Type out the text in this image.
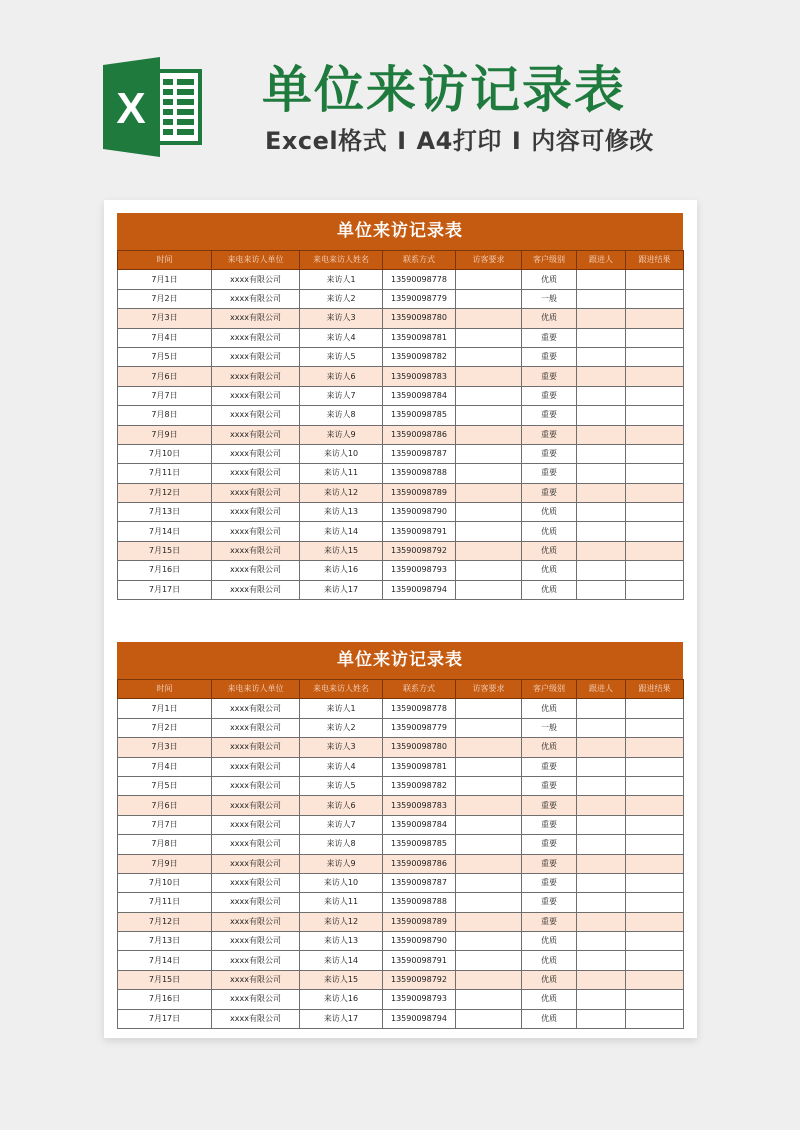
X 单位来访记录表
Excel格式 I A4打印 I 内容可修改
单位来访记录表
时间	来电来访人单位	来电来访人姓名	联系方式	访客要求	客户级别	跟进人	跟进结果
7月1日	xxxx有限公司	来访人1	13590098778		优质		
7月2日	xxxx有限公司	来访人2	13590098779		一般		
7月3日	xxxx有限公司	来访人3	13590098780		优质		
7月4日	xxxx有限公司	来访人4	13590098781		重要		
7月5日	xxxx有限公司	来访人5	13590098782		重要		
7月6日	xxxx有限公司	来访人6	13590098783		重要		
7月7日	xxxx有限公司	来访人7	13590098784		重要		
7月8日	xxxx有限公司	来访人8	13590098785		重要		
7月9日	xxxx有限公司	来访人9	13590098786		重要		
7月10日	xxxx有限公司	来访人10	13590098787		重要		
7月11日	xxxx有限公司	来访人11	13590098788		重要		
7月12日	xxxx有限公司	来访人12	13590098789		重要		
7月13日	xxxx有限公司	来访人13	13590098790		优质		
7月14日	xxxx有限公司	来访人14	13590098791		优质		
7月15日	xxxx有限公司	来访人15	13590098792		优质		
7月16日	xxxx有限公司	来访人16	13590098793		优质		
7月17日	xxxx有限公司	来访人17	13590098794		优质		
单位来访记录表
时间	来电来访人单位	来电来访人姓名	联系方式	访客要求	客户级别	跟进人	跟进结果
7月1日	xxxx有限公司	来访人1	13590098778		优质		
7月2日	xxxx有限公司	来访人2	13590098779		一般		
7月3日	xxxx有限公司	来访人3	13590098780		优质		
7月4日	xxxx有限公司	来访人4	13590098781		重要		
7月5日	xxxx有限公司	来访人5	13590098782		重要		
7月6日	xxxx有限公司	来访人6	13590098783		重要		
7月7日	xxxx有限公司	来访人7	13590098784		重要		
7月8日	xxxx有限公司	来访人8	13590098785		重要		
7月9日	xxxx有限公司	来访人9	13590098786		重要		
7月10日	xxxx有限公司	来访人10	13590098787		重要		
7月11日	xxxx有限公司	来访人11	13590098788		重要		
7月12日	xxxx有限公司	来访人12	13590098789		重要		
7月13日	xxxx有限公司	来访人13	13590098790		优质		
7月14日	xxxx有限公司	来访人14	13590098791		优质		
7月15日	xxxx有限公司	来访人15	13590098792		优质		
7月16日	xxxx有限公司	来访人16	13590098793		优质		
7月17日	xxxx有限公司	来访人17	13590098794		优质		
